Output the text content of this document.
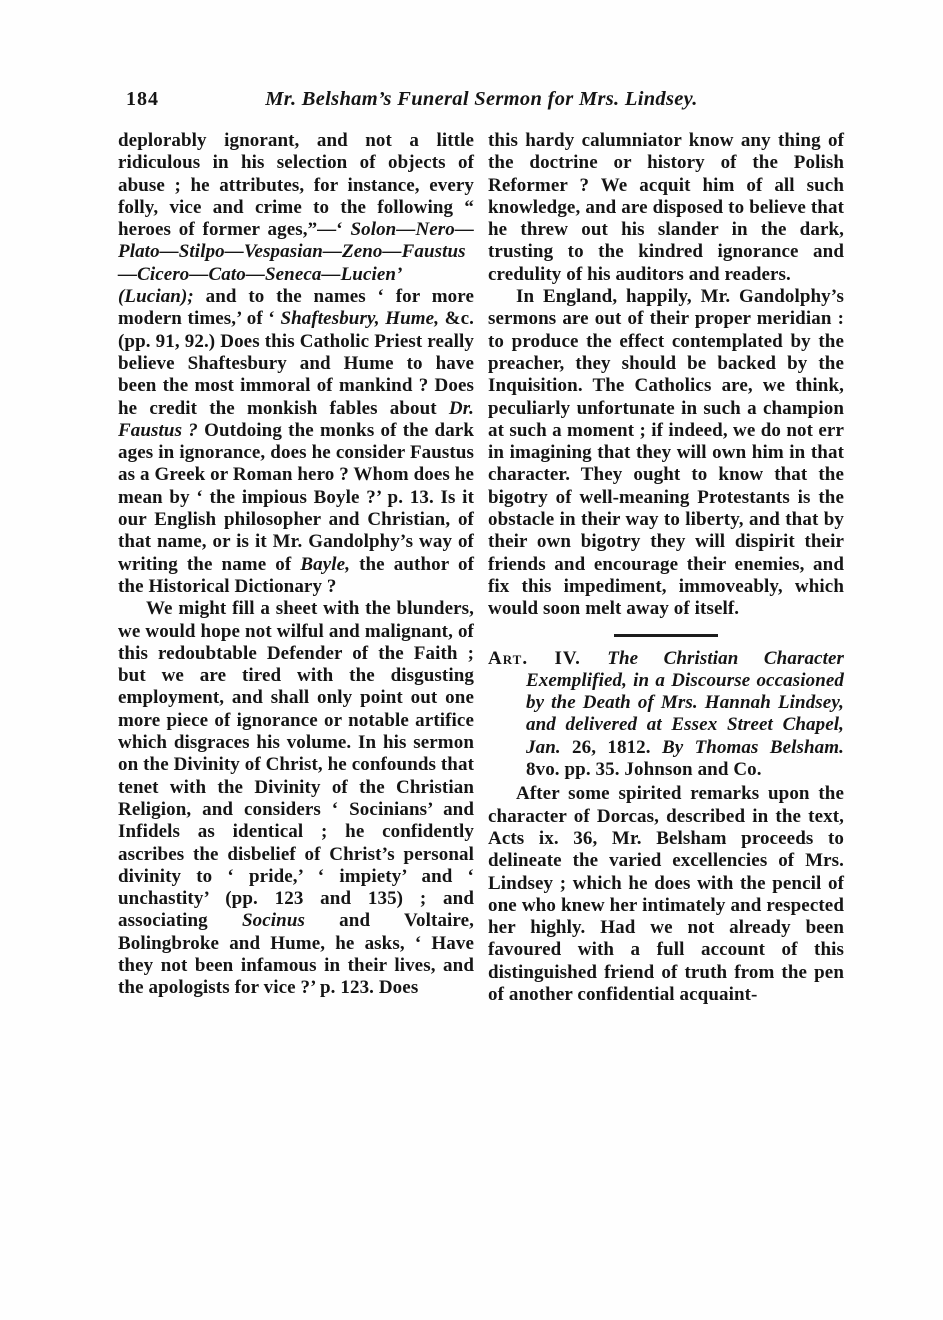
184	Mr. Belsham’s Funeral Sermon for Mrs. Lindsey.

deplorably ignorant, and not a little ridiculous in his selection of objects of abuse ; he attributes, for instance, every folly, vice and crime to the following “ heroes of former ages,”—‘ Solon—Nero—Plato—Stilpo—Vespasian—Zeno—Faustus—Cicero—Cato—Seneca—Lucien’ (Lucian); and to the names ‘ for more modern times,’ of ‘ Shaftesbury, Hume, &c. (pp. 91, 92.) Does this Catholic Priest really believe Shaftesbury and Hume to have been the most immoral of mankind ? Does he credit the monkish fables about Dr. Faustus ? Outdoing the monks of the dark ages in ignorance, does he consider Faustus as a Greek or Roman hero ? Whom does he mean by ‘ the impious Boyle ?’ p. 13. Is it our English philosopher and Christian, of that name, or is it Mr. Gandolphy’s way of writing the name of Bayle, the author of the Historical Dictionary ?

We might fill a sheet with the blunders, we would hope not wilful and malignant, of this redoubtable Defender of the Faith ; but we are tired with the disgusting employment, and shall only point out one more piece of ignorance or notable artifice which disgraces his volume. In his sermon on the Divinity of Christ, he confounds that tenet with the Divinity of the Christian Religion, and considers ‘ Socinians’ and Infidels as identical ; he confidently ascribes the disbelief of Christ’s personal divinity to ‘ pride,’ ‘ impiety’ and ‘ unchastity’ (pp. 123 and 135) ; and associating Socinus and Voltaire, Bolingbroke and Hume, he asks, ‘ Have they not been infamous in their lives, and the apologists for vice ?’ p. 123. Does

this hardy calumniator know any thing of the doctrine or history of the Polish Reformer ? We acquit him of all such knowledge, and are disposed to believe that he threw out his slander in the dark, trusting to the kindred ignorance and credulity of his auditors and readers.

In England, happily, Mr. Gandolphy’s sermons are out of their proper meridian : to produce the effect contemplated by the preacher, they should be backed by the Inquisition. The Catholics are, we think, peculiarly unfortunate in such a champion at such a moment ; if indeed, we do not err in imagining that they will own him in that character. They ought to know that the bigotry of well-meaning Protestants is the obstacle in their way to liberty, and that by their own bigotry they will dispirit their friends and encourage their enemies, and fix this impediment, immoveably, which would soon melt away of itself.

Art. IV. The Christian Character Exemplified, in a Discourse occasioned by the Death of Mrs. Hannah Lindsey, and delivered at Essex Street Chapel, Jan. 26, 1812. By Thomas Belsham. 8vo. pp. 35. Johnson and Co.

After some spirited remarks upon the character of Dorcas, described in the text, Acts ix. 36, Mr. Belsham proceeds to delineate the varied excellencies of Mrs. Lindsey ; which he does with the pencil of one who knew her intimately and respected her highly. Had we not already been favoured with a full account of this distinguished friend of truth from the pen of another confidential acquaint-
